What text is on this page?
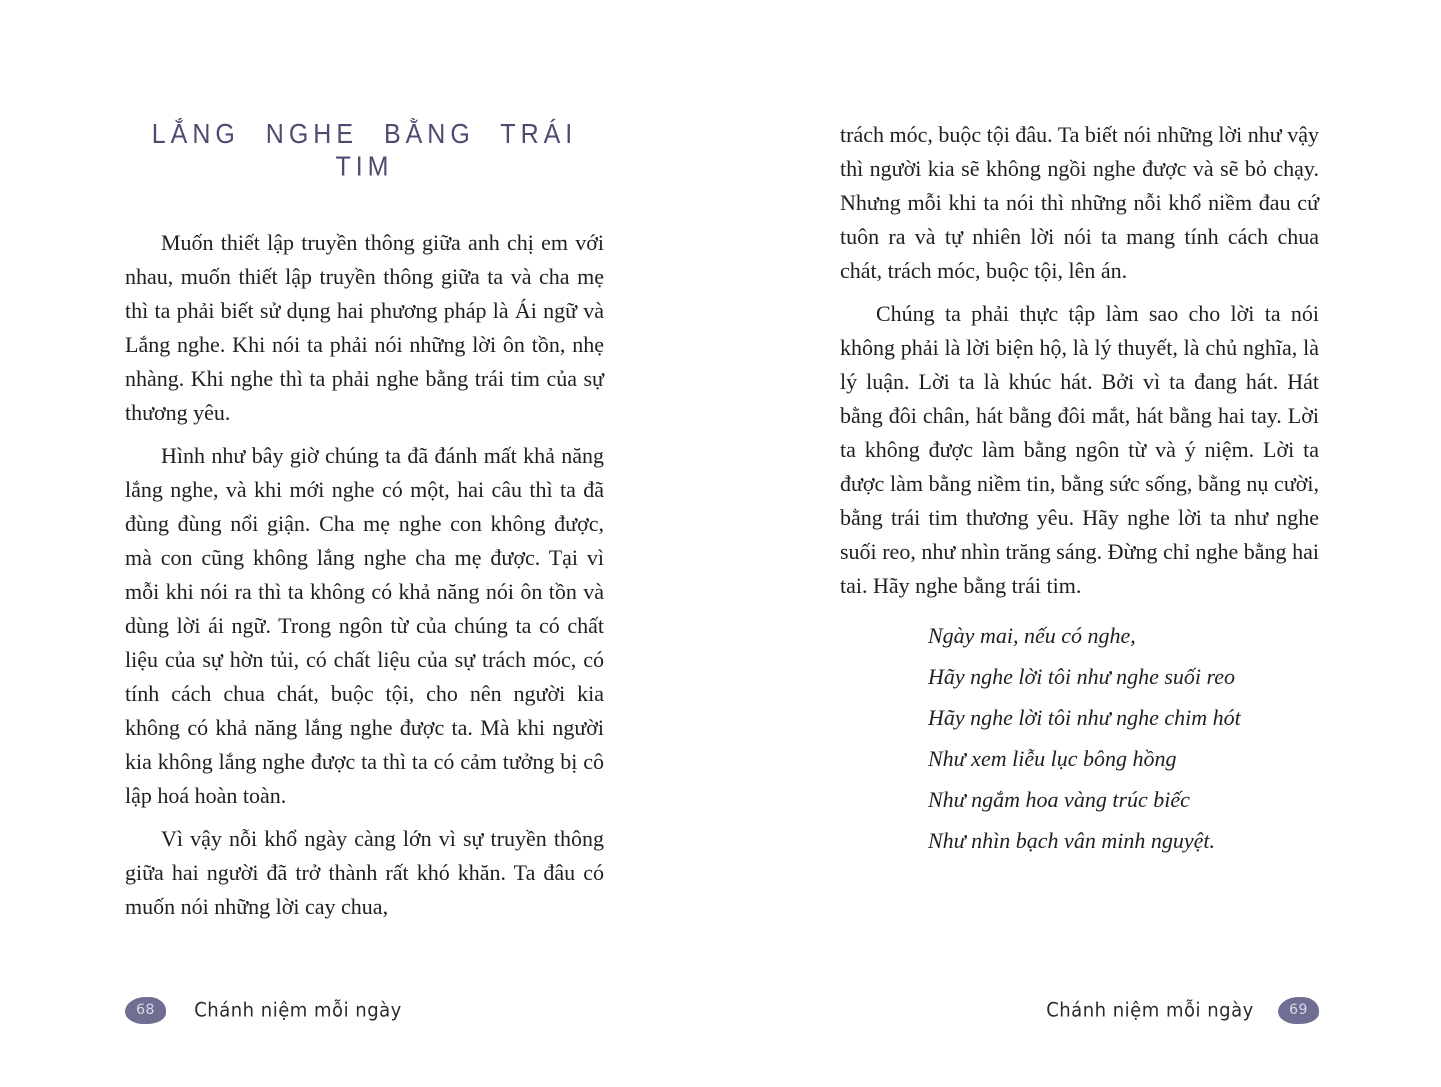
LẮNG NGHE BẰNG TRÁI TIM

Muốn thiết lập truyền thông giữa anh chị em với nhau, muốn thiết lập truyền thông giữa ta và cha mẹ thì ta phải biết sử dụng hai phương pháp là Ái ngữ và Lắng nghe. Khi nói ta phải nói những lời ôn tồn, nhẹ nhàng. Khi nghe thì ta phải nghe bằng trái tim của sự thương yêu.

Hình như bây giờ chúng ta đã đánh mất khả năng lắng nghe, và khi mới nghe có một, hai câu thì ta đã đùng đùng nổi giận. Cha mẹ nghe con không được, mà con cũng không lắng nghe cha mẹ được. Tại vì mỗi khi nói ra thì ta không có khả năng nói ôn tồn và dùng lời ái ngữ. Trong ngôn từ của chúng ta có chất liệu của sự hờn tủi, có chất liệu của sự trách móc, có tính cách chua chát, buộc tội, cho nên người kia không có khả năng lắng nghe được ta. Mà khi người kia không lắng nghe được ta thì ta có cảm tưởng bị cô lập hoá hoàn toàn.

Vì vậy nỗi khổ ngày càng lớn vì sự truyền thông giữa hai người đã trở thành rất khó khăn. Ta đâu có muốn nói những lời cay chua,

68 Chánh niệm mỗi ngày

trách móc, buộc tội đâu. Ta biết nói những lời như vậy thì người kia sẽ không ngồi nghe được và sẽ bỏ chạy. Nhưng mỗi khi ta nói thì những nỗi khổ niềm đau cứ tuôn ra và tự nhiên lời nói ta mang tính cách chua chát, trách móc, buộc tội, lên án.

Chúng ta phải thực tập làm sao cho lời ta nói không phải là lời biện hộ, là lý thuyết, là chủ nghĩa, là lý luận. Lời ta là khúc hát. Bởi vì ta đang hát. Hát bằng đôi chân, hát bằng đôi mắt, hát bằng hai tay. Lời ta không được làm bằng ngôn từ và ý niệm. Lời ta được làm bằng niềm tin, bằng sức sống, bằng nụ cười, bằng trái tim thương yêu. Hãy nghe lời ta như nghe suối reo, như nhìn trăng sáng. Đừng chỉ nghe bằng hai tai. Hãy nghe bằng trái tim.

Ngày mai, nếu có nghe,
Hãy nghe lời tôi như nghe suối reo
Hãy nghe lời tôi như nghe chim hót
Như xem liễu lục bông hồng
Như ngắm hoa vàng trúc biếc
Như nhìn bạch vân minh nguyệt.
Chánh niệm mỗi ngày	69
